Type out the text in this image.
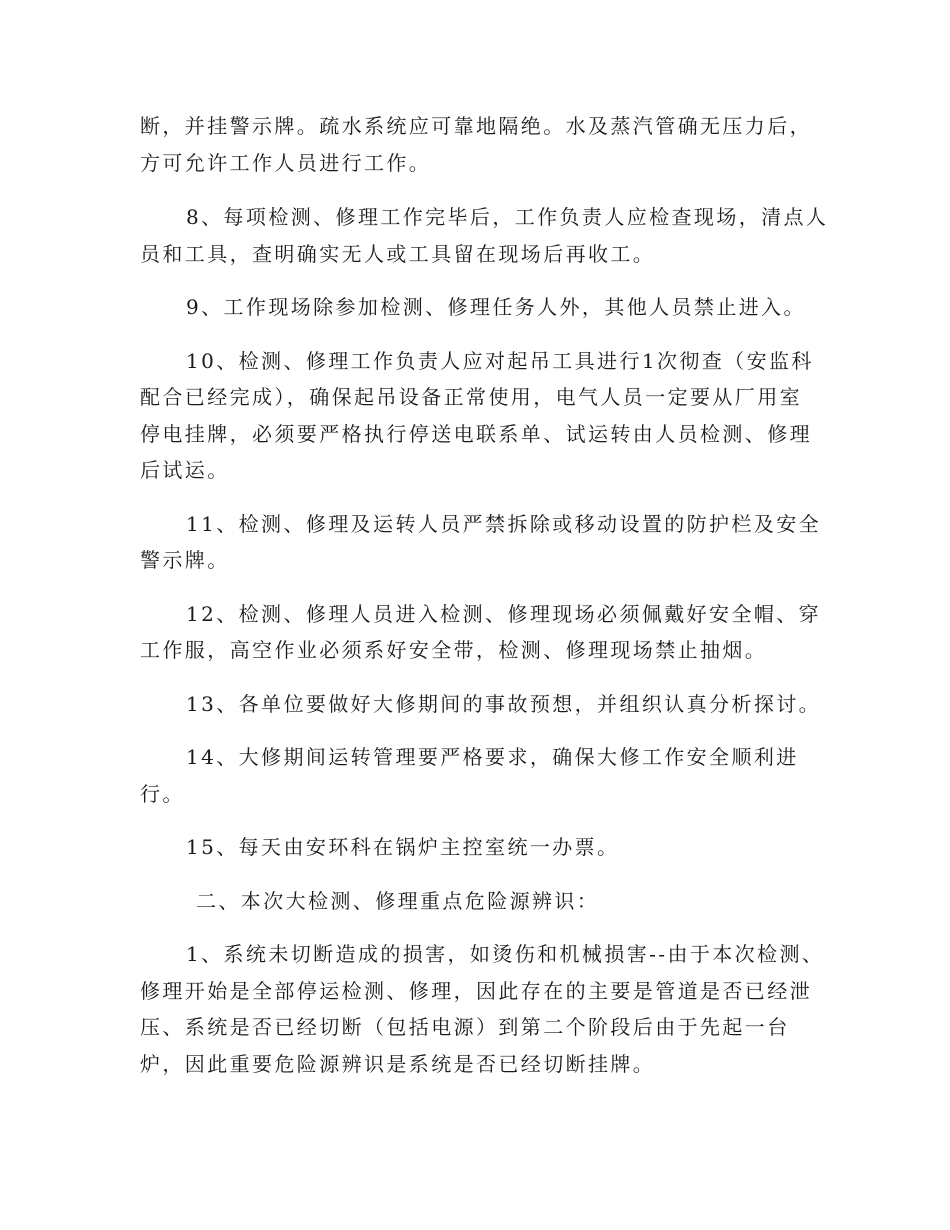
断，并挂警示牌。疏水系统应可靠地隔绝。水及蒸汽管确无压力后，
方可允许工作人员进行工作。
8、每项检测、修理工作完毕后，工作负责人应检查现场，清点人
员和工具，查明确实无人或工具留在现场后再收工。
9、工作现场除参加检测、修理任务人外，其他人员禁止进入。
10、检测、修理工作负责人应对起吊工具进行1次彻查（安监科
配合已经完成），确保起吊设备正常使用，电气人员一定要从厂用室
停电挂牌，必须要严格执行停送电联系单、试运转由人员检测、修理
后试运。
11、检测、修理及运转人员严禁拆除或移动设置的防护栏及安全
警示牌。
12、检测、修理人员进入检测、修理现场必须佩戴好安全帽、穿
工作服，高空作业必须系好安全带，检测、修理现场禁止抽烟。
13、各单位要做好大修期间的事故预想，并组织认真分析探讨。
14、大修期间运转管理要严格要求，确保大修工作安全顺利进
行。
15、每天由安环科在锅炉主控室统一办票。
二、本次大检测、修理重点危险源辨识：
1、系统未切断造成的损害，如烫伤和机械损害--由于本次检测、
修理开始是全部停运检测、修理，因此存在的主要是管道是否已经泄
压、系统是否已经切断（包括电源）到第二个阶段后由于先起一台
炉，因此重要危险源辨识是系统是否已经切断挂牌。
